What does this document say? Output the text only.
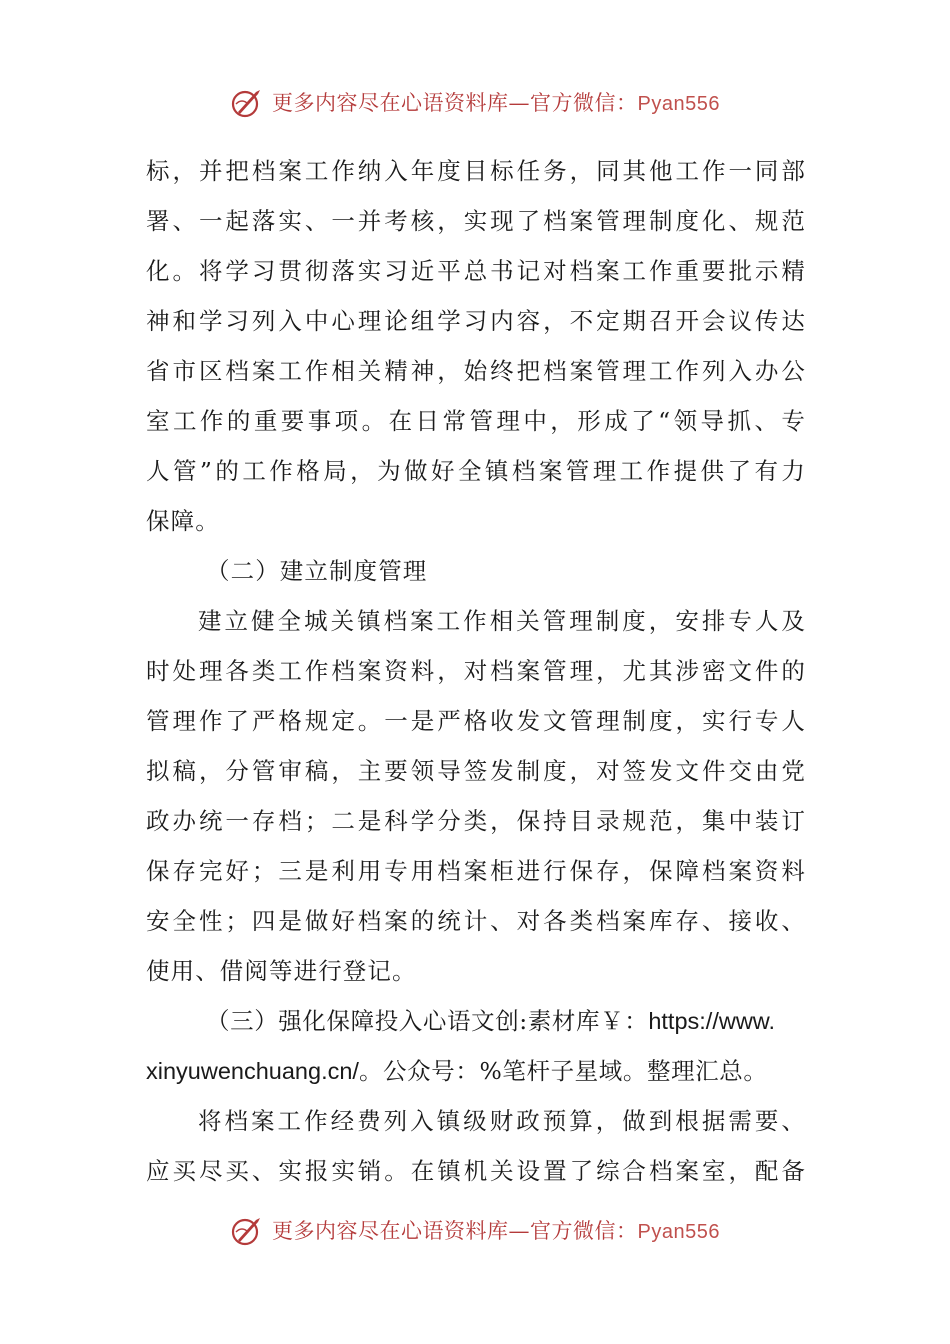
更多内容尽在心语资料库—官方微信：Pyan556
标，并把档案工作纳入年度目标任务，同其他工作一同部
署、一起落实、一并考核，实现了档案管理制度化、规范
化。将学习贯彻落实习近平总书记对档案工作重要批示精
神和学习列入中心理论组学习内容，不定期召开会议传达
省市区档案工作相关精神，始终把档案管理工作列入办公
室工作的重要事项。在日常管理中，形成了“领导抓、专
人管”的工作格局，为做好全镇档案管理工作提供了有力
保障。
（二）建立制度管理
建立健全城关镇档案工作相关管理制度，安排专人及
时处理各类工作档案资料，对档案管理，尤其涉密文件的
管理作了严格规定。一是严格收发文管理制度，实行专人
拟稿，分管审稿，主要领导签发制度，对签发文件交由党
政办统一存档；二是科学分类，保持目录规范，集中装订
保存完好；三是利用专用档案柜进行保存，保障档案资料
安全性；四是做好档案的统计、对各类档案库存、接收、
使用、借阅等进行登记。
（三）强化保障投入心语文创:素材库￥：https://www.
xinyuwenchuang.cn/。公众号：%笔杆子星域。整理汇总。
将档案工作经费列入镇级财政预算，做到根据需要、
应买尽买、实报实销。在镇机关设置了综合档案室，配备
更多内容尽在心语资料库—官方微信：Pyan556
